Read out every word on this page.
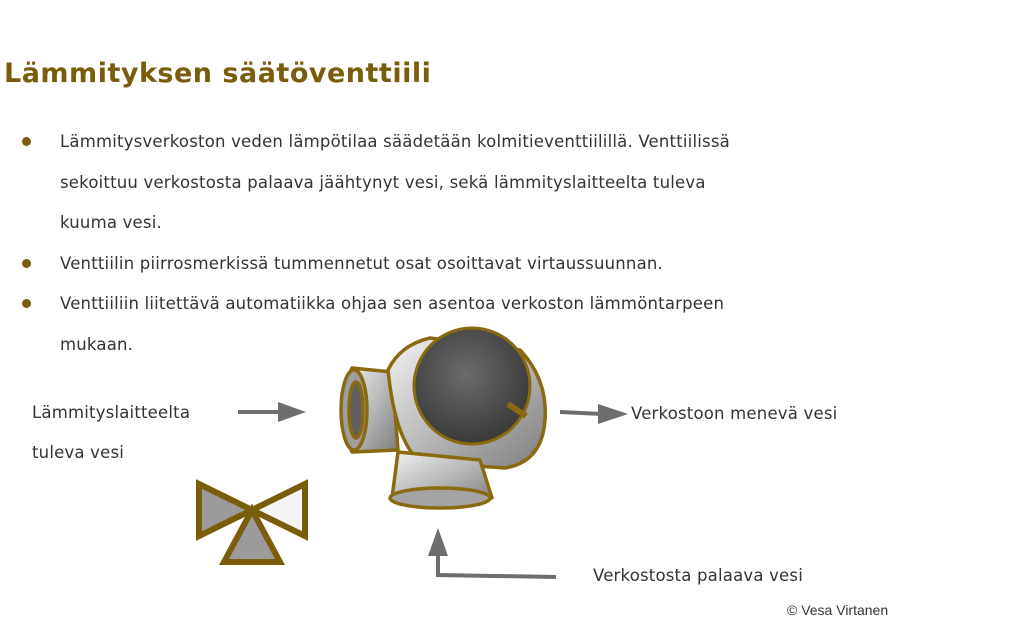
Lämmityksen säätöventtiili
Lämmitysverkoston veden lämpötilaa säädetään kolmitieventtiilillä. Venttiilissä
sekoittuu verkostosta palaava jäähtynyt vesi, sekä lämmityslaitteelta tuleva
kuuma vesi.
Venttiilin piirrosmerkissä tummennetut osat osoittavat virtaussuunnan.
Venttiiliin liitettävä automatiikka ohjaa sen asentoa verkoston lämmöntarpeen
mukaan.
Lämmityslaitteelta
tuleva vesi
Verkostoon menevä vesi
Verkostosta palaava vesi
© Vesa Virtanen
